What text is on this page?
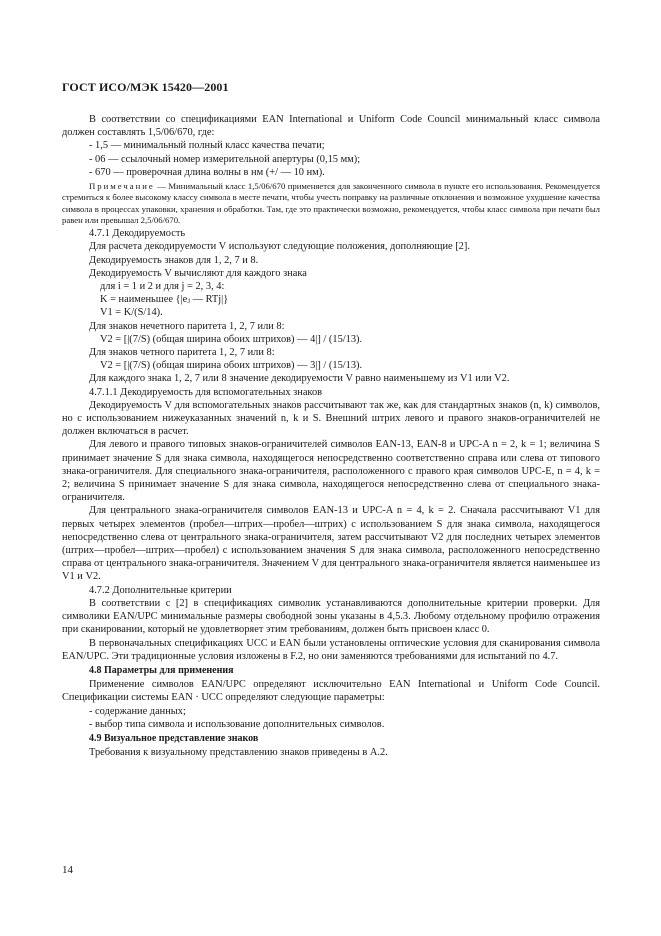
ГОСТ ИСО/МЭК 15420—2001

В соответствии со спецификациями EAN International и Uniform Code Council минимальный класс символа должен составлять 1,5/06/670, где:

- 1,5 — минимальный полный класс качества печати;

- 06 — ссылочный номер измерительной апертуры (0,15 мм);

- 670 — проверочная длина волны в нм (+/ — 10 нм).

Примечание — Минимальный класс 1,5/06/670 применяется для законченного символа в пункте его использования. Рекомендуется стремиться к более высокому классу символа в месте печати, чтобы учесть поправку на различные отклонения и возможное ухудшение качества символа в процессах упаковки, хранения и обработки. Там, где это практически возможно, рекомендуется, чтобы класс символа при печати был равен или превышал 2,5/06/670.

4.7.1 Декодируемость

Для расчета декодируемости V используют следующие положения, дополняющие [2].

Декодируемость знаков для 1, 2, 7 и 8.

Декодируемость V вычисляют для каждого знака

для i = 1 и 2 и для j = 2, 3, 4:

K = наименьшее {|eⱼ — RTj|}

V1 = K/(S/14).

Для знаков нечетного паритета 1, 2, 7 или 8:

V2 = [|(7/S) (общая ширина обоих штрихов) — 4|] / (15/13).

Для знаков четного паритета 1, 2, 7 или 8:

V2 = [|(7/S) (общая ширина обоих штрихов) — 3|] / (15/13).

Для каждого знака 1, 2, 7 или 8 значение декодируемости V равно наименьшему из V1 или V2.

4.7.1.1 Декодируемость для вспомогательных знаков

Декодируемость V для вспомогательных знаков рассчитывают так же, как для стандартных знаков (n, k) символов, но с использованием нижеуказанных значений n, k и S. Внешний штрих левого и правого знаков-ограничителей не должен включаться в расчет.

Для левого и правого типовых знаков-ограничителей символов EAN-13, EAN-8 и UPC-A n = 2, k = 1; величина S принимает значение S для знака символа, находящегося непосредственно соответственно справа или слева от типового знака-ограничителя. Для специального знака-ограничителя, расположенного с правого края символов UPC-E, n = 4, k = 2; величина S принимает значение S для знака символа, находящегося непосредственно слева от специального знака-ограничителя.

Для центрального знака-ограничителя символов EAN-13 и UPC-A n = 4, k = 2. Сначала рассчитывают V1 для первых четырех элементов (пробел—штрих—пробел—штрих) с использованием S для знака символа, находящегося непосредственно слева от центрального знака-ограничителя, затем рассчитывают V2 для последних четырех элементов (штрих—пробел—штрих—пробел) с использованием значения S для знака символа, расположенного непосредственно справа от центрального знака-ограничителя. Значением V для центрального знака-ограничителя является наименьшее из V1 и V2.

4.7.2 Дополнительные критерии

В соответствии с [2] в спецификациях символик устанавливаются дополнительные критерии проверки. Для символики EAN/UPC минимальные размеры свободной зоны указаны в 4,5.3. Любому отдельному профилю отражения при сканировании, который не удовлетворяет этим требованиям, должен быть присвоен класс 0.

В первоначальных спецификациях UCC и EAN были установлены оптические условия для сканирования символа EAN/UPC. Эти традиционные условия изложены в F.2, но они заменяются требованиями для испытаний по 4.7.

4.8 Параметры для применения

Применение символов EAN/UPC определяют исключительно EAN International и Uniform Code Council. Спецификации системы EAN · UCC определяют следующие параметры:

- содержание данных;

- выбор типа символа и использование дополнительных символов.

4.9 Визуальное представление знаков

Требования к визуальному представлению знаков приведены в А.2.

14
